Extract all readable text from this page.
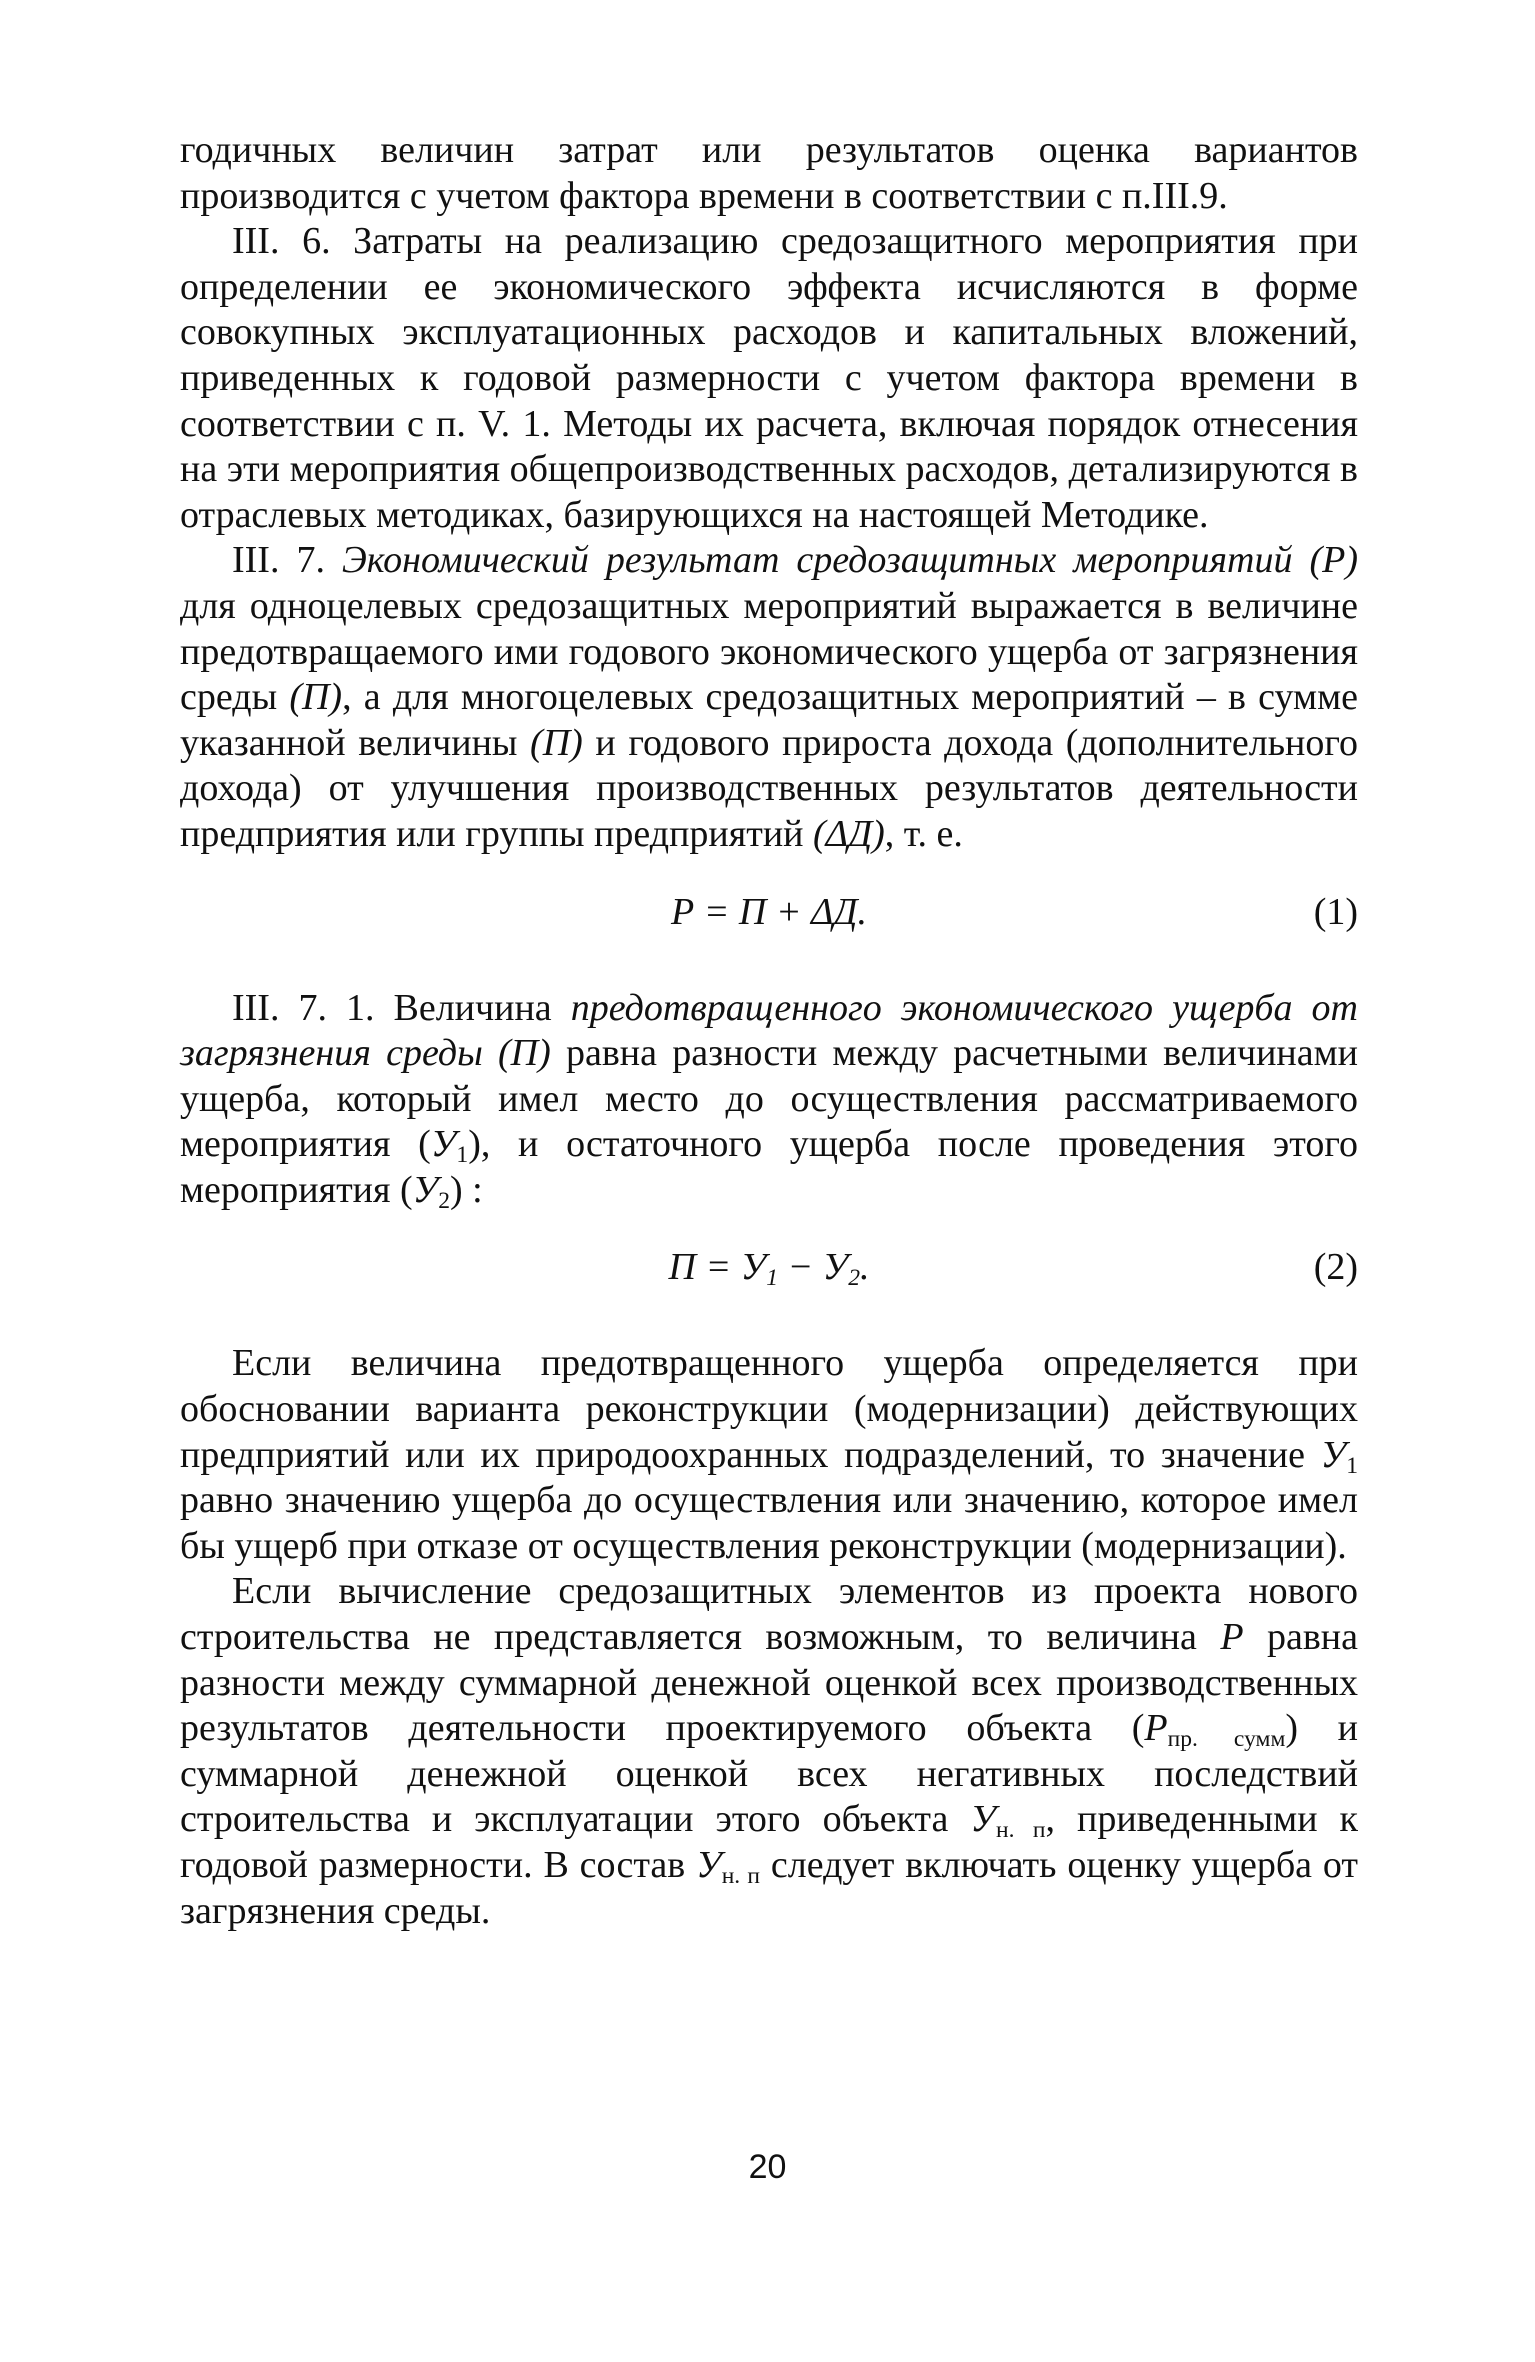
годичных величин затрат или результатов оценка вариантов производится с учетом фактора времени в соответствии с п.III.9.

III. 6. Затраты на реализацию средозащитного мероприятия при определении ее экономического эффекта исчисляются в форме совокупных эксплуатационных расходов и капитальных вложений, приведенных к годовой размерности с учетом фактора времени в соответствии с п. V. 1. Методы их расчета, включая порядок отнесения на эти мероприятия общепроизводственных расходов, детализируются в отраслевых методиках, базирующихся на настоящей Методике.

III. 7. Экономический результат средозащитных мероприятий (Р) для одноцелевых средозащитных мероприятий выражается в величине предотвращаемого ими годового экономического ущерба от загрязнения среды (П), а для многоцелевых средозащитных мероприятий – в сумме указанной величины (П) и годового прироста дохода (дополнительного дохода) от улучшения производственных результатов деятельности предприятия или группы предприятий (ΔД), т. е.

Р = П + ΔД.	(1)

III. 7. 1. Величина предотвращенного экономического ущерба от загрязнения среды (П) равна разности между расчетными величинами ущерба, который имел место до осуществления рассматриваемого мероприятия $(У_1)$, и остаточного ущерба после проведения этого мероприятия $(У_2)$ :

$П = У_1 - У_2$.	(2)

Если величина предотвращенного ущерба определяется при обосновании варианта реконструкции (модернизации) действующих предприятий или их природоохранных подразделений, то значение $У_1$ равно значению ущерба до осуществления или значению, которое имел бы ущерб при отказе от осуществления реконструкции (модернизации).

Если вычисление средозащитных элементов из проекта нового строительства не представляется возможным, то величина Р равна разности между суммарной денежной оценкой всех производственных результатов деятельности проектируемого объекта $(Р_{пр. сумм})$ и суммарной денежной оценкой всех негативных последствий строительства и эксплуатации этого объекта $У_{н. п}$, приведенными к годовой размерности. В состав $У_{н. п}$ следует включать оценку ущерба от загрязнения среды.

20
